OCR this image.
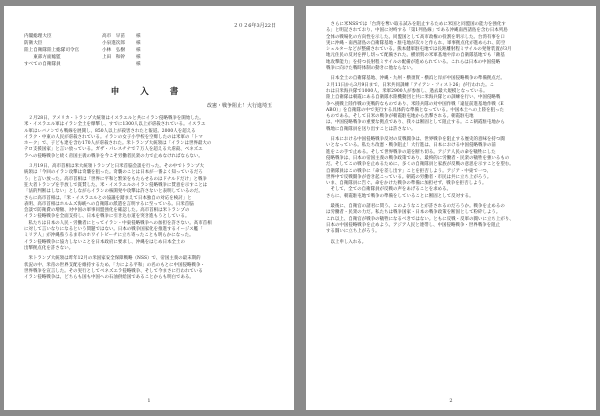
２０２6年3月22日
内閣総理大臣	高市　早苗	様
防衛大臣	小泉進次郎	様
陸上自衛隊陸上総隊司令官	小林　弘樹	様
　　東部方面総監	上田　和幹	様
すべての自衛隊員	様
申 入 書
改憲・戦争阻止！大行進埼玉
　２月28日、アメリカ・トランプ大統領はイスラエルと共にイラン侵略戦争を開始した。
米・イスラエル軍はイラン全土を爆撃し、すでに1300人以上が虐殺されている。イスラエ
ル軍はレバノンでも戦線を展開し、850人以上が殺害されたと報道。2000人を超える
イラク・中東の人民が虐殺されている。イランの女子小学校を空爆したのは米軍の「トマ
ホーク」で、子ども達を含む170人が虐殺された。米トランプ大統領は「イランは世界最大の
テロ支援国家」と言い放っている。ガザ・パレスチナで７万人を超える大虐殺、ベネズエ
ラへの侵略戦争と続く帝国主義の戦争を今こそ労働者民衆の力で止めなければならない。
　３月19日、高市首相は米大統領トランプと日米首脳会談を行った。その中でトランプ大
統領は「今回のイラン攻撃は奇襲を狙った。奇襲のことは日本が一番よく知っているだろ
う」と言い放った。高市首相は「世界に平和と繁栄をもたらせるのはドナルドだけ」と戦争
狂大者トランプを手放しで賞賛した。米・イスラエルのイラン侵略戦争に賛意を示すことは
「法的判断はしない」としながらイランの核開発や攻撃は許さないと表明しているのだ。
さらに高市首相は、「米・イスラエルとの協議を踏まえて日本独自の対応を検討」と
表明、高市首相はホルムズ海峡への自衛隊の派遣を言明するに至っている。日米首脳
会談で防衛費の増額、対中国の軍事同盟強化を確認した。高市首相は米トランプの
イラン侵略戦争を全面支持し、日本を戦争に引き込む道を突き進もうとしている。
　私たちは日本の人民・労働者にとってイラン・中東侵略戦争への加担を許さない。高市首相
に対して言いなりになるという問題ではない。日本の戦争国家化を推進するイージス艦「
ミリア人」が沖縄県うるま市のホワイトビーチに立ち寄ったことも明らかになった。
イラン侵略戦争に協力しないことを日本政府に要求し、沖縄をはじめ日本全土の
出撃拠点化を許さない。
　米トランプ大統領は昨年12月の米国家安全保障戦略（NSS）で、帝国主義の最末期的
状況の中、米帝の世界支配を維持するため、「力による平和」の名のもとに中国侵略戦争・
世界戦争を宣言した。その実行としてベネズエラ侵略戦争、そして今まさに行われている
イラン侵略戦争は、どちらも国も中国への石油供給国であることからも明白である。
1
　さらに米NSSでは「台湾を奪い取る試みを阻止するために米国と同盟国の能力を強化す
る」と明記されており、中国に対峙する「第1列島線」である沖縄南西諸島を含む日本列島
全体の戦場化の方向性を示した。同盟国として高市政権の役割を明示した。台湾有事を口
実に沖縄・南西諸島の自衛隊基地・駐屯地が次々と作られ、軍事拠点化が進められ、防空
シェルターなどが整備されている。熊本健軍駐屯地では長距離射程ミサイルの発射装置が3月
地元住民の反対を押し切って配備された。横須賀の米軍基地や岸の自衛隊基地でも「敵基
地攻撃能力」を持つ長射程ミサイルの配備が進められている。これらは日本の中国侵略
戦争に向けた戦時体制の動きに他ならない。
　日本全土の自衛隊基地、沖縄・九州・横須賀・横浜と岸が中国侵略戦争の準備拠点だ。
２月11日から3月9日まで、日米共同訓練「アイアン・フィスト26」が行われた。こ
れは日米海兵隊で1000人、米軍2900人が参加し、過去最大規模となっている。
陸上自衛隊は朝霞にある自衛隊水陸機動団と共に米海兵隊との訓練を行い、中国侵略戦
争へ挑戦上陸作戦の実戦的なものであり、米陸兵隊の対中国作戦「遠征前進基地作戦（E
ABO）」を自衛隊の中で実行する具体的な準備となっている。中国本土への上陸を狙った
ものである。そして日米の戦争が朝霞駐屯地から出撃される。朝霞駐屯地
は、中国侵略戦争の重要な拠点であり、我々は断固として阻止する。ここ朝霞駐屯地から
戦地に自衛隊員を送り出すことは許さない。
　日本における中国侵略戦争反対の反戦闘争は、世界戦争を阻止する歴史的意味を持つ闘
いとなっている。私たち改憲・戦争阻止！大行進は、日本における中国侵略戦争の前
進をこの手で止める。そして世界戦争の道を断ち切る。アジア人民の命を犠牲にした
侵略戦争は、日本の帝国主義の戦争政策であり、最終的に労働者・民衆の犠牲を強いるもの
だ。そしてこの戦争を止めるために、多くの自衛隊員と家族が反戦の意思を示すことを望む。
自衛隊員はこの戦争に「命を差し出す」ことを拒否しよう。アジア・中東で一つ、
世界中で反戦闘争が巻き起こっている。朝霞の労働者・市民は共に立ち上がろう。
いま、自衛隊員に告ぐ。命をかけた戦争の準備に加担せず、戦争を拒否しよう。
　そして、全ての自衛隊員が反戦の声をあげることを求める。
さらに、朝霞駐屯地で戦争の準備をしていることに断固として反対する。
　最後に、自衛官の諸君に問う。このようなことが許されるのだろうか。戦争を止めるの
は労働者・民衆の力だ。私たちは戦争国家・日本の戦争政策を断固として粉砕しよう。
これ以上、自衛官が戦争の犠牲になるべきではない。ともに反戦・反軍の闘いに立ち上がり、
日本の中国侵略戦争を止めよう。アジア人民と連帯し、中国侵略戦争・世界戦争を阻止
する闘いに立ち上がろう。
　以上申し入れる。
2
